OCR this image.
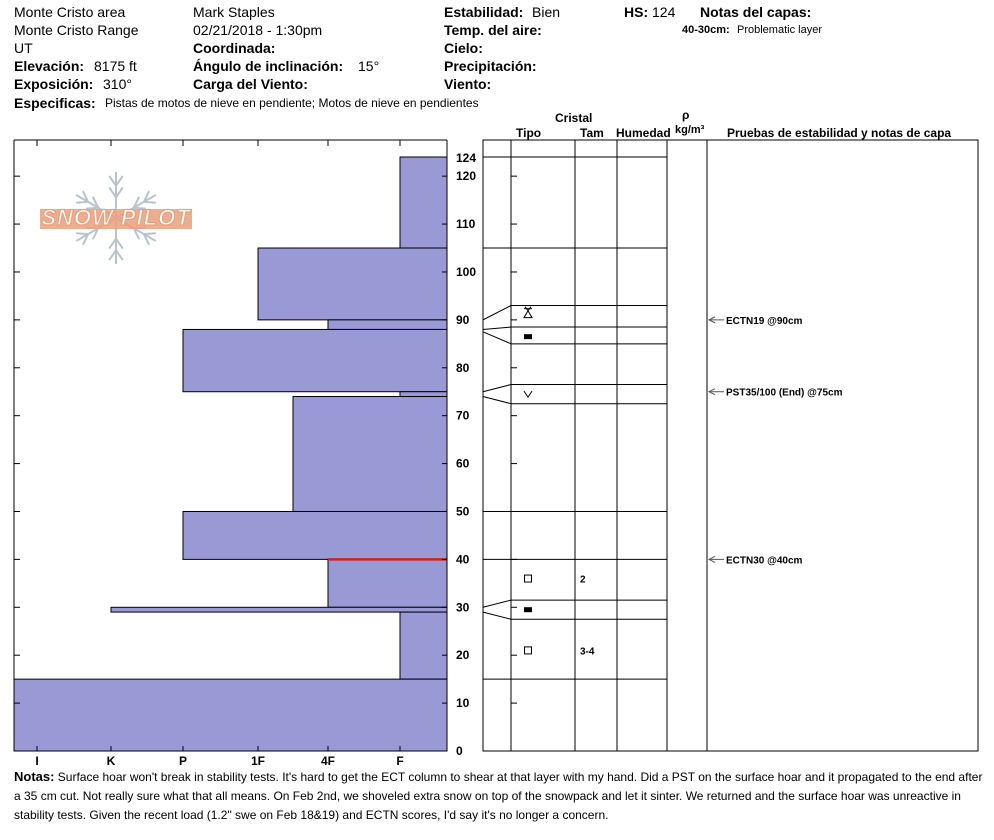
Monte Cristo area
Monte Cristo Range
UT
Elevación: 8175 ft
Exposición: 310°
Especificas: Pistas de motos de nieve en pendiente; Motos de nieve en pendientes
Mark Staples
02/21/2018 - 1:30pm
Coordinada:
Ángulo de inclinación: 15°
Carga del Viento:
Estabilidad: Bien
Temp. del aire:
Cielo:
Precipitación:
Viento:
HS: 124 Notas del capas:
40-30cm: Problematic layer
Cristal
Tipo	Tam Humedad
ρ
kg/m³ Pruebas de estabilidad y notas de capa
SNOW PILOT
I	K	P	1F	4F	F
0
10
20
30
40
50
60
70
80
90
100
110
120
124
2
3-4
ECTN19 @90cm
PST35/100 (End) @75cm
ECTN30 @40cm
Notas: Surface hoar won't break in stability tests. It's hard to get the ECT column to shear at that layer with my hand. Did a PST on the surface hoar and it propagated to the end after a 35 cm cut. Not really sure what that all means. On Feb 2nd, we shoveled extra snow on top of the snowpack and let it sinter. We returned and the surface hoar was unreactive in stability tests. Given the recent load (1.2" swe on Feb 18&19) and ECTN scores, I'd say it's no longer a concern.
